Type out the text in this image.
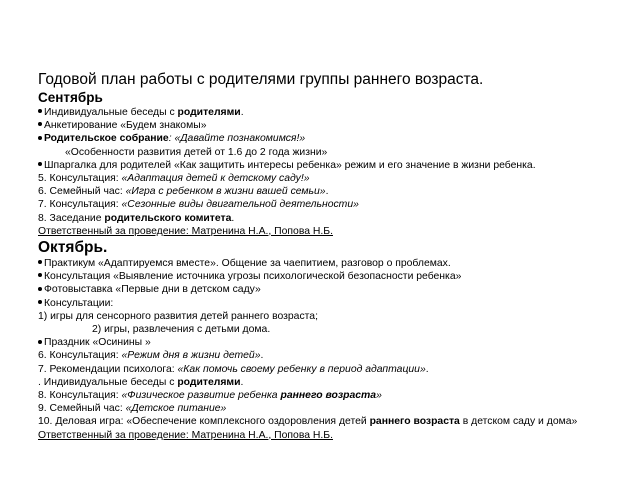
Годовой план работы с родителями группы раннего возраста.
Сентябрь
Индивидуальные беседы с родителями.
Анкетирование «Будем знакомы»
Родительское собрание: «Давайте познакомимся!»
«Особенности развития детей от 1.6 до 2 года жизни»
Шпаргалка для родителей «Как защитить интересы ребенка» режим и его значение в жизни ребенка.
5. Консультация: «Адаптация детей к детскому саду!»
6. Семейный час: «Игра с ребенком в жизни вашей семьи».
7. Консультация: «Сезонные виды двигательной деятельности»
8. Заседание родительского комитета.
Ответственный за проведение: Матренина Н.А., Попова Н.Б.
Октябрь.
Практикум «Адаптируемся вместе». Общение за чаепитием, разговор о проблемах.
Консультация «Выявление источника угрозы психологической безопасности ребенка»
Фотовыставка «Первые дни в детском саду»
Консультации:
1) игры для сенсорного развития детей раннего возраста;
2) игры, развлечения с детьми дома.
Праздник «Осинины »
6. Консультация: «Режим дня в жизни детей».
7. Рекомендации психолога: «Как помочь своему ребенку в период адаптации».
. Индивидуальные беседы с родителями.
8. Консультация: «Физическое развитие ребенка раннего возраста»
9. Семейный час: «Детское питание»
10. Деловая игра: «Обеспечение комплексного оздоровления детей раннего возраста в детском саду и дома»
Ответственный за проведение: Матренина Н.А., Попова Н.Б.
